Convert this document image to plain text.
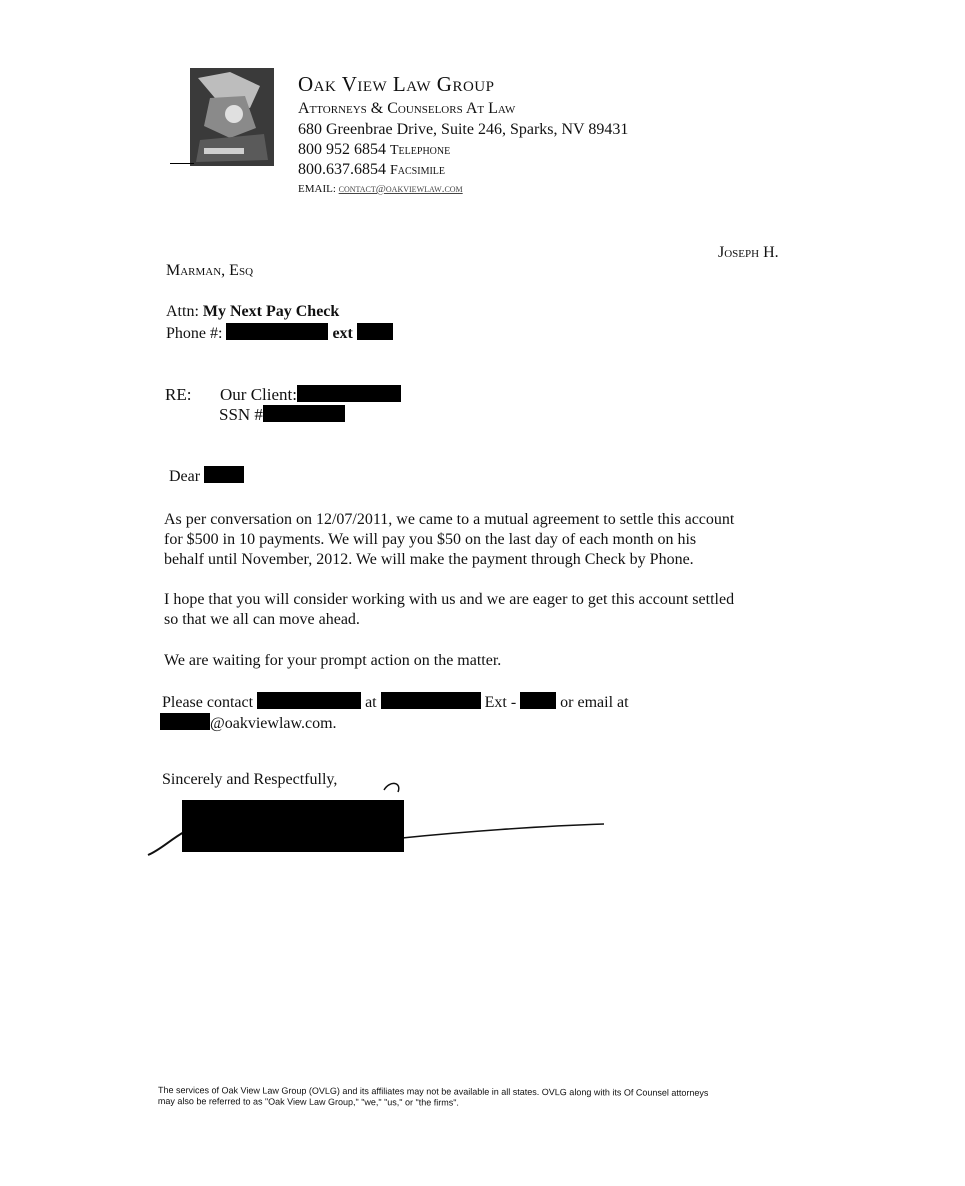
Oak View Law Group
Attorneys & Counselors At Law
680 Greenbrae Drive, Suite 246, Sparks, NV 89431
800 952 6854 Telephone
800.637.6854 Facsimile
EMAIL: contact@oakviewlaw.com
Joseph H.
Marman, Esq
Attn: My Next Pay Check
Phone #:	ext
RE: Our Client:
SSN #
Dear
As per conversation on 12/07/2011, we came to a mutual agreement to settle this account
for $500 in 10 payments. We will pay you $50 on the last day of each month on his
behalf until November, 2012. We will make the payment through Check by Phone.
I hope that you will consider working with us and we are eager to get this account settled
so that we all can move ahead.
We are waiting for your prompt action on the matter.
Please contact	at	Ext -	or email at
@oakviewlaw.com.
Sincerely and Respectfully,
The services of Oak View Law Group (OVLG) and its affiliates may not be available in all states. OVLG along with its Of Counsel attorneys
may also be referred to as "Oak View Law Group," "we," "us," or "the firms".
